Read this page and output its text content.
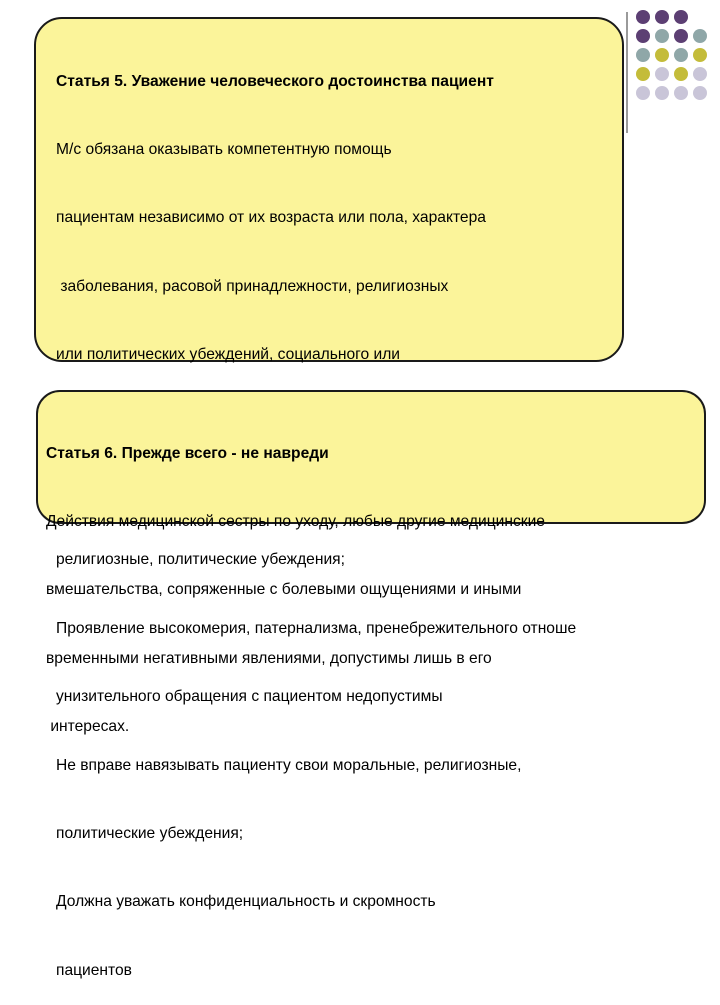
Статья 5. Уважение человеческого достоинства пациент

М/с обязана оказывать компетентную помощь

пациентам независимо от их возраста или пола, характера

заболевания, расовой принадлежности, религиозных

или политических убеждений, социального или

религиозные, политические убеждения;

Проявление высокомерия, патернализма, пренебрежительного отноше

унизительного обращения с пациентом недопустимы

Не вправе навязывать пациенту свои моральные, религиозные,

политические убеждения;

Должна уважать конфиденциальность и скромность

пациентов

Статья 6. Прежде всего - не навреди

Действия медицинской сестры по уходу, любые другие медицинские

вмешательства, сопряженные с болевыми ощущениями и иными

временными негативными явлениями, допустимы лишь в его

интересах.
